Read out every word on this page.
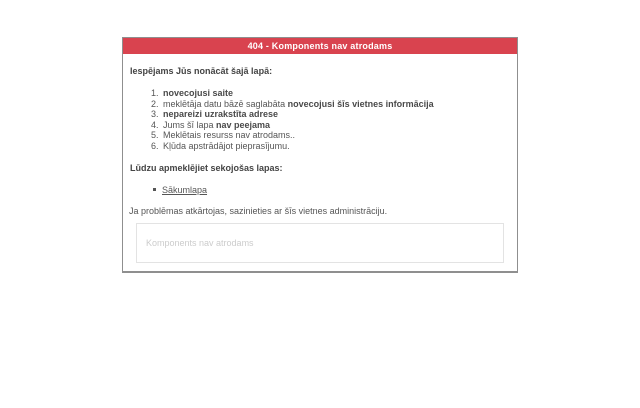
404 - Komponents nav atrodams
Iespējams Jūs nonācāt šajā lapā:
1. novecojusi saite
2. meklētāja datu bāzē saglabāta novecojusi šīs vietnes informācija
3. nepareizi uzrakstīta adrese
4. Jums šī lapa nav peejama
5. Meklētais resurss nav atrodams..
6. Kļūda apstrādājot pieprasījumu.
Lūdzu apmeklējiet sekojošas lapas:
Sākumlapa
Ja problēmas atkārtojas, sazinieties ar šīs vietnes administrāciju.
Komponents nav atrodams
